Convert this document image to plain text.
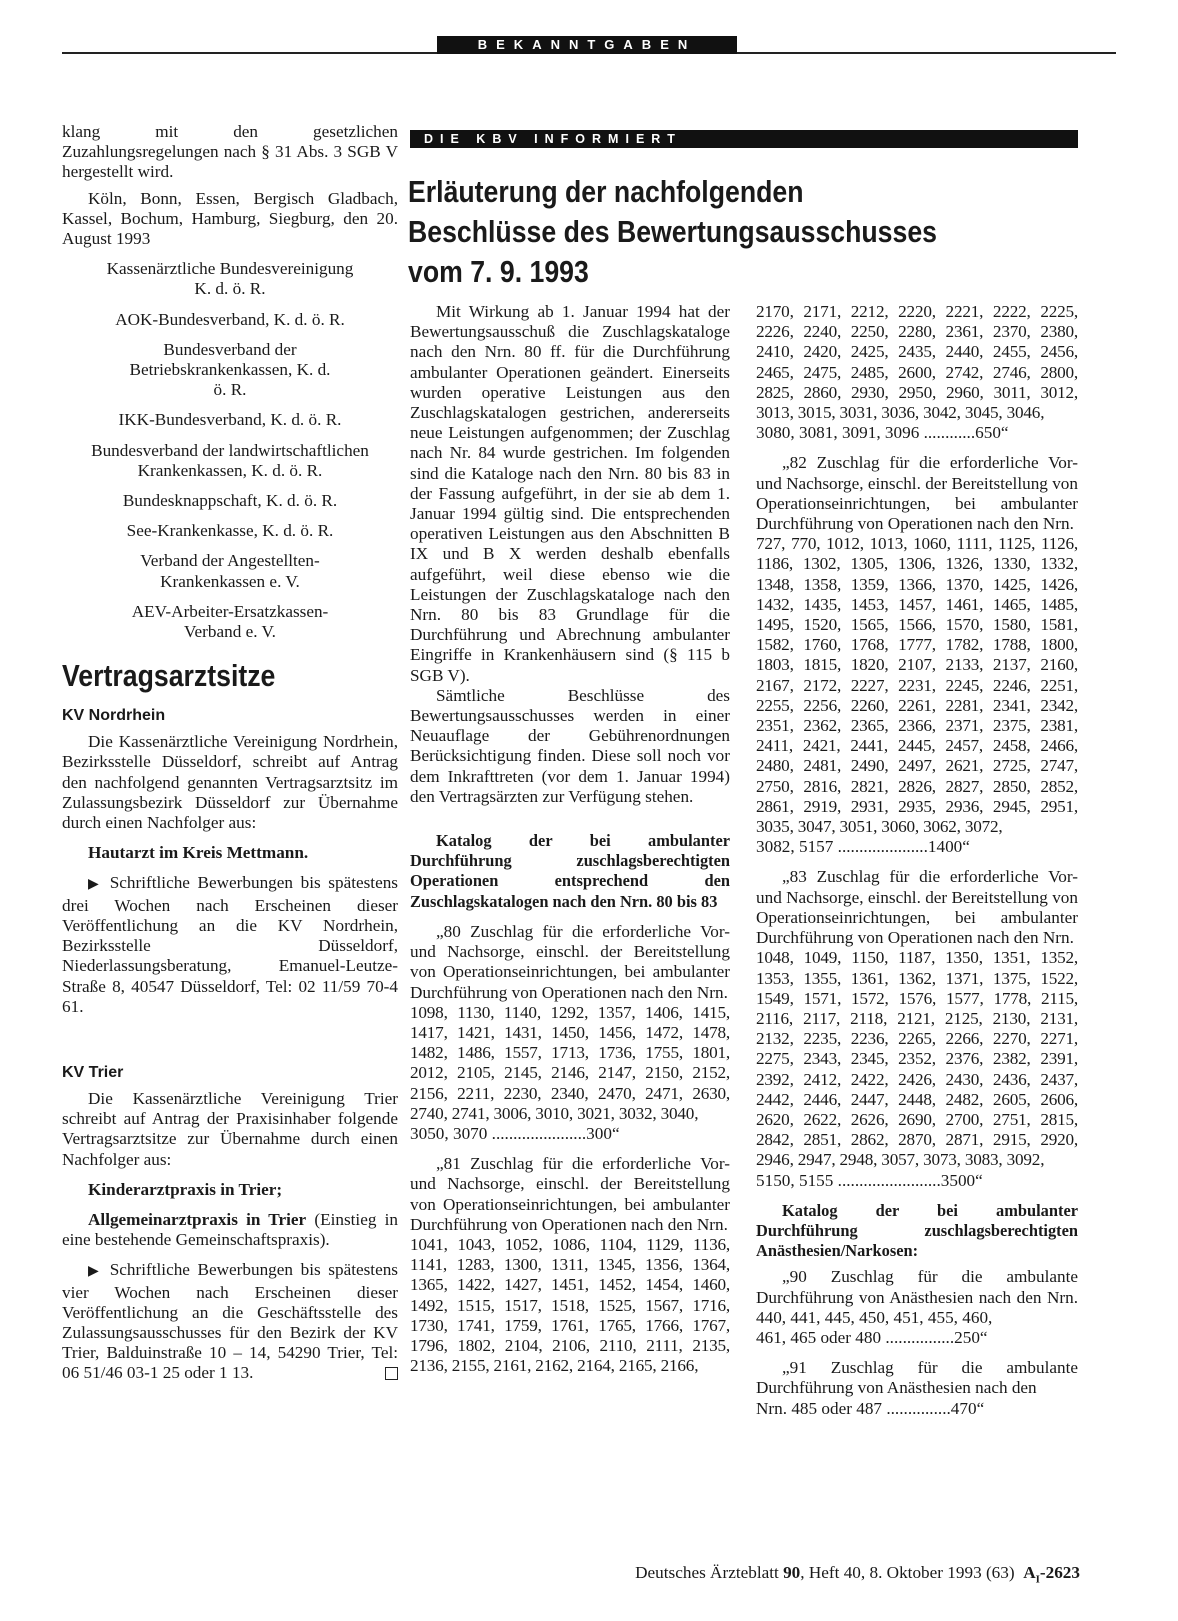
BEKANNTGABEN

klang mit den gesetzlichen Zuzahlungsregelungen nach § 31 Abs. 3 SGB V hergestellt wird.

Köln, Bonn, Essen, Bergisch Gladbach, Kassel, Bochum, Hamburg, Siegburg, den 20. August 1993

Kassenärztliche Bundesvereinigung K. d. ö. R.

AOK-Bundesverband, K. d. ö. R.

Bundesverband der Betriebskrankenkassen, K. d. ö. R.

IKK-Bundesverband, K. d. ö. R.

Bundesverband der landwirtschaftlichen Krankenkassen, K. d. ö. R.

Bundesknappschaft, K. d. ö. R.

See-Krankenkasse, K. d. ö. R.

Verband der Angestellten-Krankenkassen e. V.

AEV-Arbeiter-Ersatzkassen-Verband e. V.

Vertragsarztsitze

KV Nordrhein

Die Kassenärztliche Vereinigung Nordrhein, Bezirksstelle Düsseldorf, schreibt auf Antrag den nachfolgend genannten Vertragsarztsitz im Zulassungsbezirk Düsseldorf zur Übernahme durch einen Nachfolger aus:

Hautarzt im Kreis Mettmann.

▶ Schriftliche Bewerbungen bis spätestens drei Wochen nach Erscheinen dieser Veröffentlichung an die KV Nordrhein, Bezirksstelle Düsseldorf, Niederlassungsberatung, Emanuel-Leutze-Straße 8, 40547 Düsseldorf, Tel: 02 11/59 70-4 61.

KV Trier

Die Kassenärztliche Vereinigung Trier schreibt auf Antrag der Praxisinhaber folgende Vertragsarztsitze zur Übernahme durch einen Nachfolger aus:

Kinderarztpraxis in Trier;

Allgemeinarztpraxis in Trier (Einstieg in eine bestehende Gemeinschaftspraxis).

▶ Schriftliche Bewerbungen bis spätestens vier Wochen nach Erscheinen dieser Veröffentlichung an die Geschäftsstelle des Zulassungsausschusses für den Bezirk der KV Trier, Balduinstraße 10 – 14, 54290 Trier, Tel: 06 51/46 03-1 25 oder 1 13.

DIE KBV INFORMIERT
Erläuterung der nachfolgenden
Beschlüsse des Bewertungsausschusses
vom 7. 9. 1993

Mit Wirkung ab 1. Januar 1994 hat der Bewertungsausschuß die Zuschlagskataloge nach den Nrn. 80 ff. für die Durchführung ambulanter Operationen geändert. Einerseits wurden operative Leistungen aus den Zuschlagskatalogen gestrichen, andererseits neue Leistungen aufgenommen; der Zuschlag nach Nr. 84 wurde gestrichen. Im folgenden sind die Kataloge nach den Nrn. 80 bis 83 in der Fassung aufgeführt, in der sie ab dem 1. Januar 1994 gültig sind. Die entsprechenden operativen Leistungen aus den Abschnitten B IX und B X werden deshalb ebenfalls aufgeführt, weil diese ebenso wie die Leistungen der Zuschlagskataloge nach den Nrn. 80 bis 83 Grundlage für die Durchführung und Abrechnung ambulanter Eingriffe in Krankenhäusern sind (§ 115 b SGB V).

Sämtliche Beschlüsse des Bewertungsausschusses werden in einer Neuauflage der Gebührenordnungen Berücksichtigung finden. Diese soll noch vor dem Inkrafttreten (vor dem 1. Januar 1994) den Vertragsärzten zur Verfügung stehen.

Katalog der bei ambulanter Durchführung zuschlagsberechtigten Operationen entsprechend den Zuschlagskatalogen nach den Nrn. 80 bis 83

„80 Zuschlag für die erforderliche Vor- und Nachsorge, einschl. der Bereitstellung von Operationseinrichtungen, bei ambulanter Durchführung von Operationen nach den Nrn.

1098, 1130, 1140, 1292, 1357, 1406, 1415, 1417, 1421, 1431, 1450, 1456, 1472, 1478, 1482, 1486, 1557, 1713, 1736, 1755, 1801, 2012, 2105, 2145, 2146, 2147, 2150, 2152, 2156, 2211, 2230, 2340, 2470, 2471, 2630, 2740, 2741, 3006, 3010, 3021, 3032, 3040,

3050, 3070 ......................300“

„81 Zuschlag für die erforderliche Vor- und Nachsorge, einschl. der Bereitstellung von Operationseinrichtungen, bei ambulanter Durchführung von Operationen nach den Nrn.

1041, 1043, 1052, 1086, 1104, 1129, 1136, 1141, 1283, 1300, 1311, 1345, 1356, 1364, 1365, 1422, 1427, 1451, 1452, 1454, 1460, 1492, 1515, 1517, 1518, 1525, 1567, 1716, 1730, 1741, 1759, 1761, 1765, 1766, 1767, 1796, 1802, 2104, 2106, 2110, 2111, 2135, 2136, 2155, 2161, 2162, 2164, 2165, 2166,

2170, 2171, 2212, 2220, 2221, 2222, 2225, 2226, 2240, 2250, 2280, 2361, 2370, 2380, 2410, 2420, 2425, 2435, 2440, 2455, 2456, 2465, 2475, 2485, 2600, 2742, 2746, 2800, 2825, 2860, 2930, 2950, 2960, 3011, 3012, 3013, 3015, 3031, 3036, 3042, 3045, 3046,

3080, 3081, 3091, 3096 ............650“

„82 Zuschlag für die erforderliche Vor- und Nachsorge, einschl. der Bereitstellung von Operationseinrichtungen, bei ambulanter Durchführung von Operationen nach den Nrn.

727, 770, 1012, 1013, 1060, 1111, 1125, 1126, 1186, 1302, 1305, 1306, 1326, 1330, 1332, 1348, 1358, 1359, 1366, 1370, 1425, 1426, 1432, 1435, 1453, 1457, 1461, 1465, 1485, 1495, 1520, 1565, 1566, 1570, 1580, 1581, 1582, 1760, 1768, 1777, 1782, 1788, 1800, 1803, 1815, 1820, 2107, 2133, 2137, 2160, 2167, 2172, 2227, 2231, 2245, 2246, 2251, 2255, 2256, 2260, 2261, 2281, 2341, 2342, 2351, 2362, 2365, 2366, 2371, 2375, 2381, 2411, 2421, 2441, 2445, 2457, 2458, 2466, 2480, 2481, 2490, 2497, 2621, 2725, 2747, 2750, 2816, 2821, 2826, 2827, 2850, 2852, 2861, 2919, 2931, 2935, 2936, 2945, 2951, 3035, 3047, 3051, 3060, 3062, 3072,

3082, 5157 .....................1400“

„83 Zuschlag für die erforderliche Vor- und Nachsorge, einschl. der Bereitstellung von Operationseinrichtungen, bei ambulanter Durchführung von Operationen nach den Nrn.

1048, 1049, 1150, 1187, 1350, 1351, 1352, 1353, 1355, 1361, 1362, 1371, 1375, 1522, 1549, 1571, 1572, 1576, 1577, 1778, 2115, 2116, 2117, 2118, 2121, 2125, 2130, 2131, 2132, 2235, 2236, 2265, 2266, 2270, 2271, 2275, 2343, 2345, 2352, 2376, 2382, 2391, 2392, 2412, 2422, 2426, 2430, 2436, 2437, 2442, 2446, 2447, 2448, 2482, 2605, 2606, 2620, 2622, 2626, 2690, 2700, 2751, 2815, 2842, 2851, 2862, 2870, 2871, 2915, 2920, 2946, 2947, 2948, 3057, 3073, 3083, 3092,

5150, 5155 ........................3500“

Katalog der bei ambulanter Durchführung zuschlagsberechtigten Anästhesien/Narkosen:

„90 Zuschlag für die ambulante Durchführung von Anästhesien nach den Nrn. 440, 441, 445, 450, 451, 455, 460,

461, 465 oder 480 ................250“

„91 Zuschlag für die ambulante Durchführung von Anästhesien nach den

Nrn. 485 oder 487 ...............470“

Deutsches Ärzteblatt 90, Heft 40, 8. Oktober 1993 (63) $A_I-2623$
